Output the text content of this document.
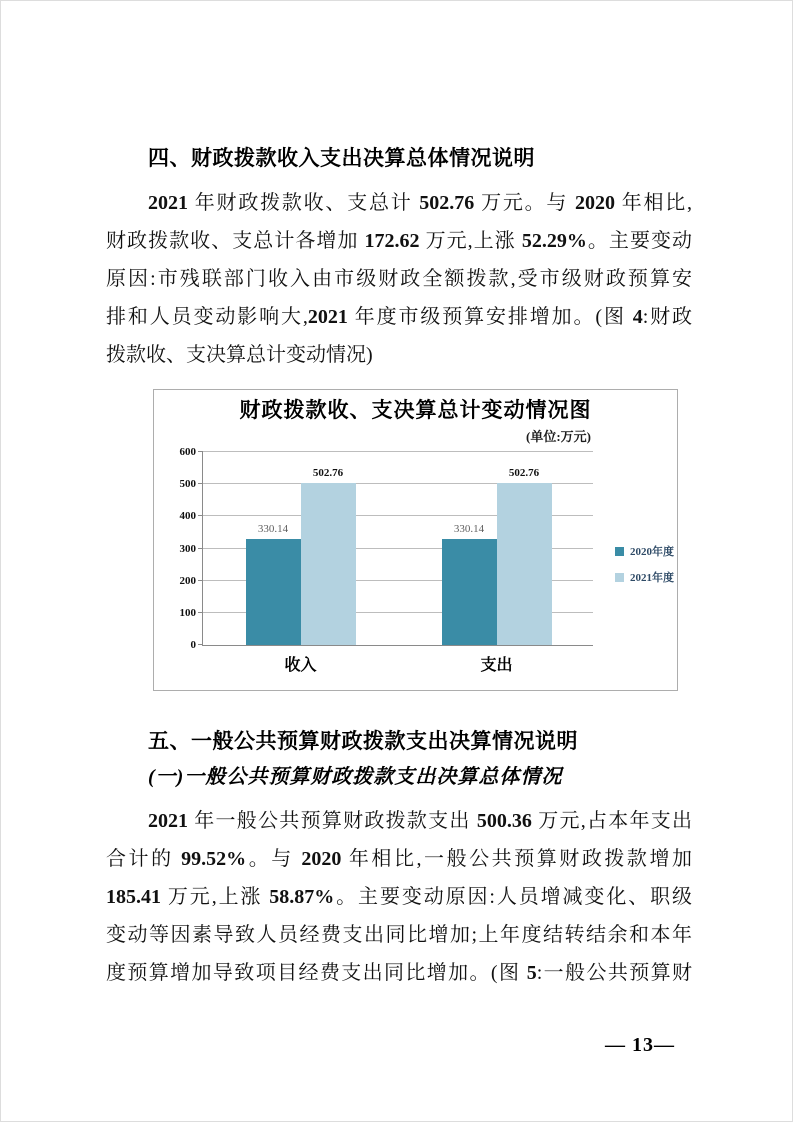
四、财政拨款收入支出决算总体情况说明
2021 年财政拨款收、支总计 502.76 万元。与 2020 年相比,
财政拨款收、支总计各增加 172.62 万元,上涨 52.29%。主要变动
原因:市残联部门收入由市级财政全额拨款,受市级财政预算安
排和人员变动影响大,2021 年度市级预算安排增加。(图 4:财政
拨款收、支决算总计变动情况)
财政拨款收、支决算总计变动情况图
(单位:万元)
0
100
200
300
400
500
600
收入
330.14
502.76
支出
330.14
502.76
2020年度
2021年度
五、一般公共预算财政拨款支出决算情况说明
(一)一般公共预算财政拨款支出决算总体情况
2021 年一般公共预算财政拨款支出 500.36 万元,占本年支出
合计的 99.52%。与 2020 年相比,一般公共预算财政拨款增加
185.41 万元,上涨 58.87%。主要变动原因:人员增减变化、职级
变动等因素导致人员经费支出同比增加;上年度结转结余和本年
度预算增加导致项目经费支出同比增加。(图 5:一般公共预算财
— 13—
